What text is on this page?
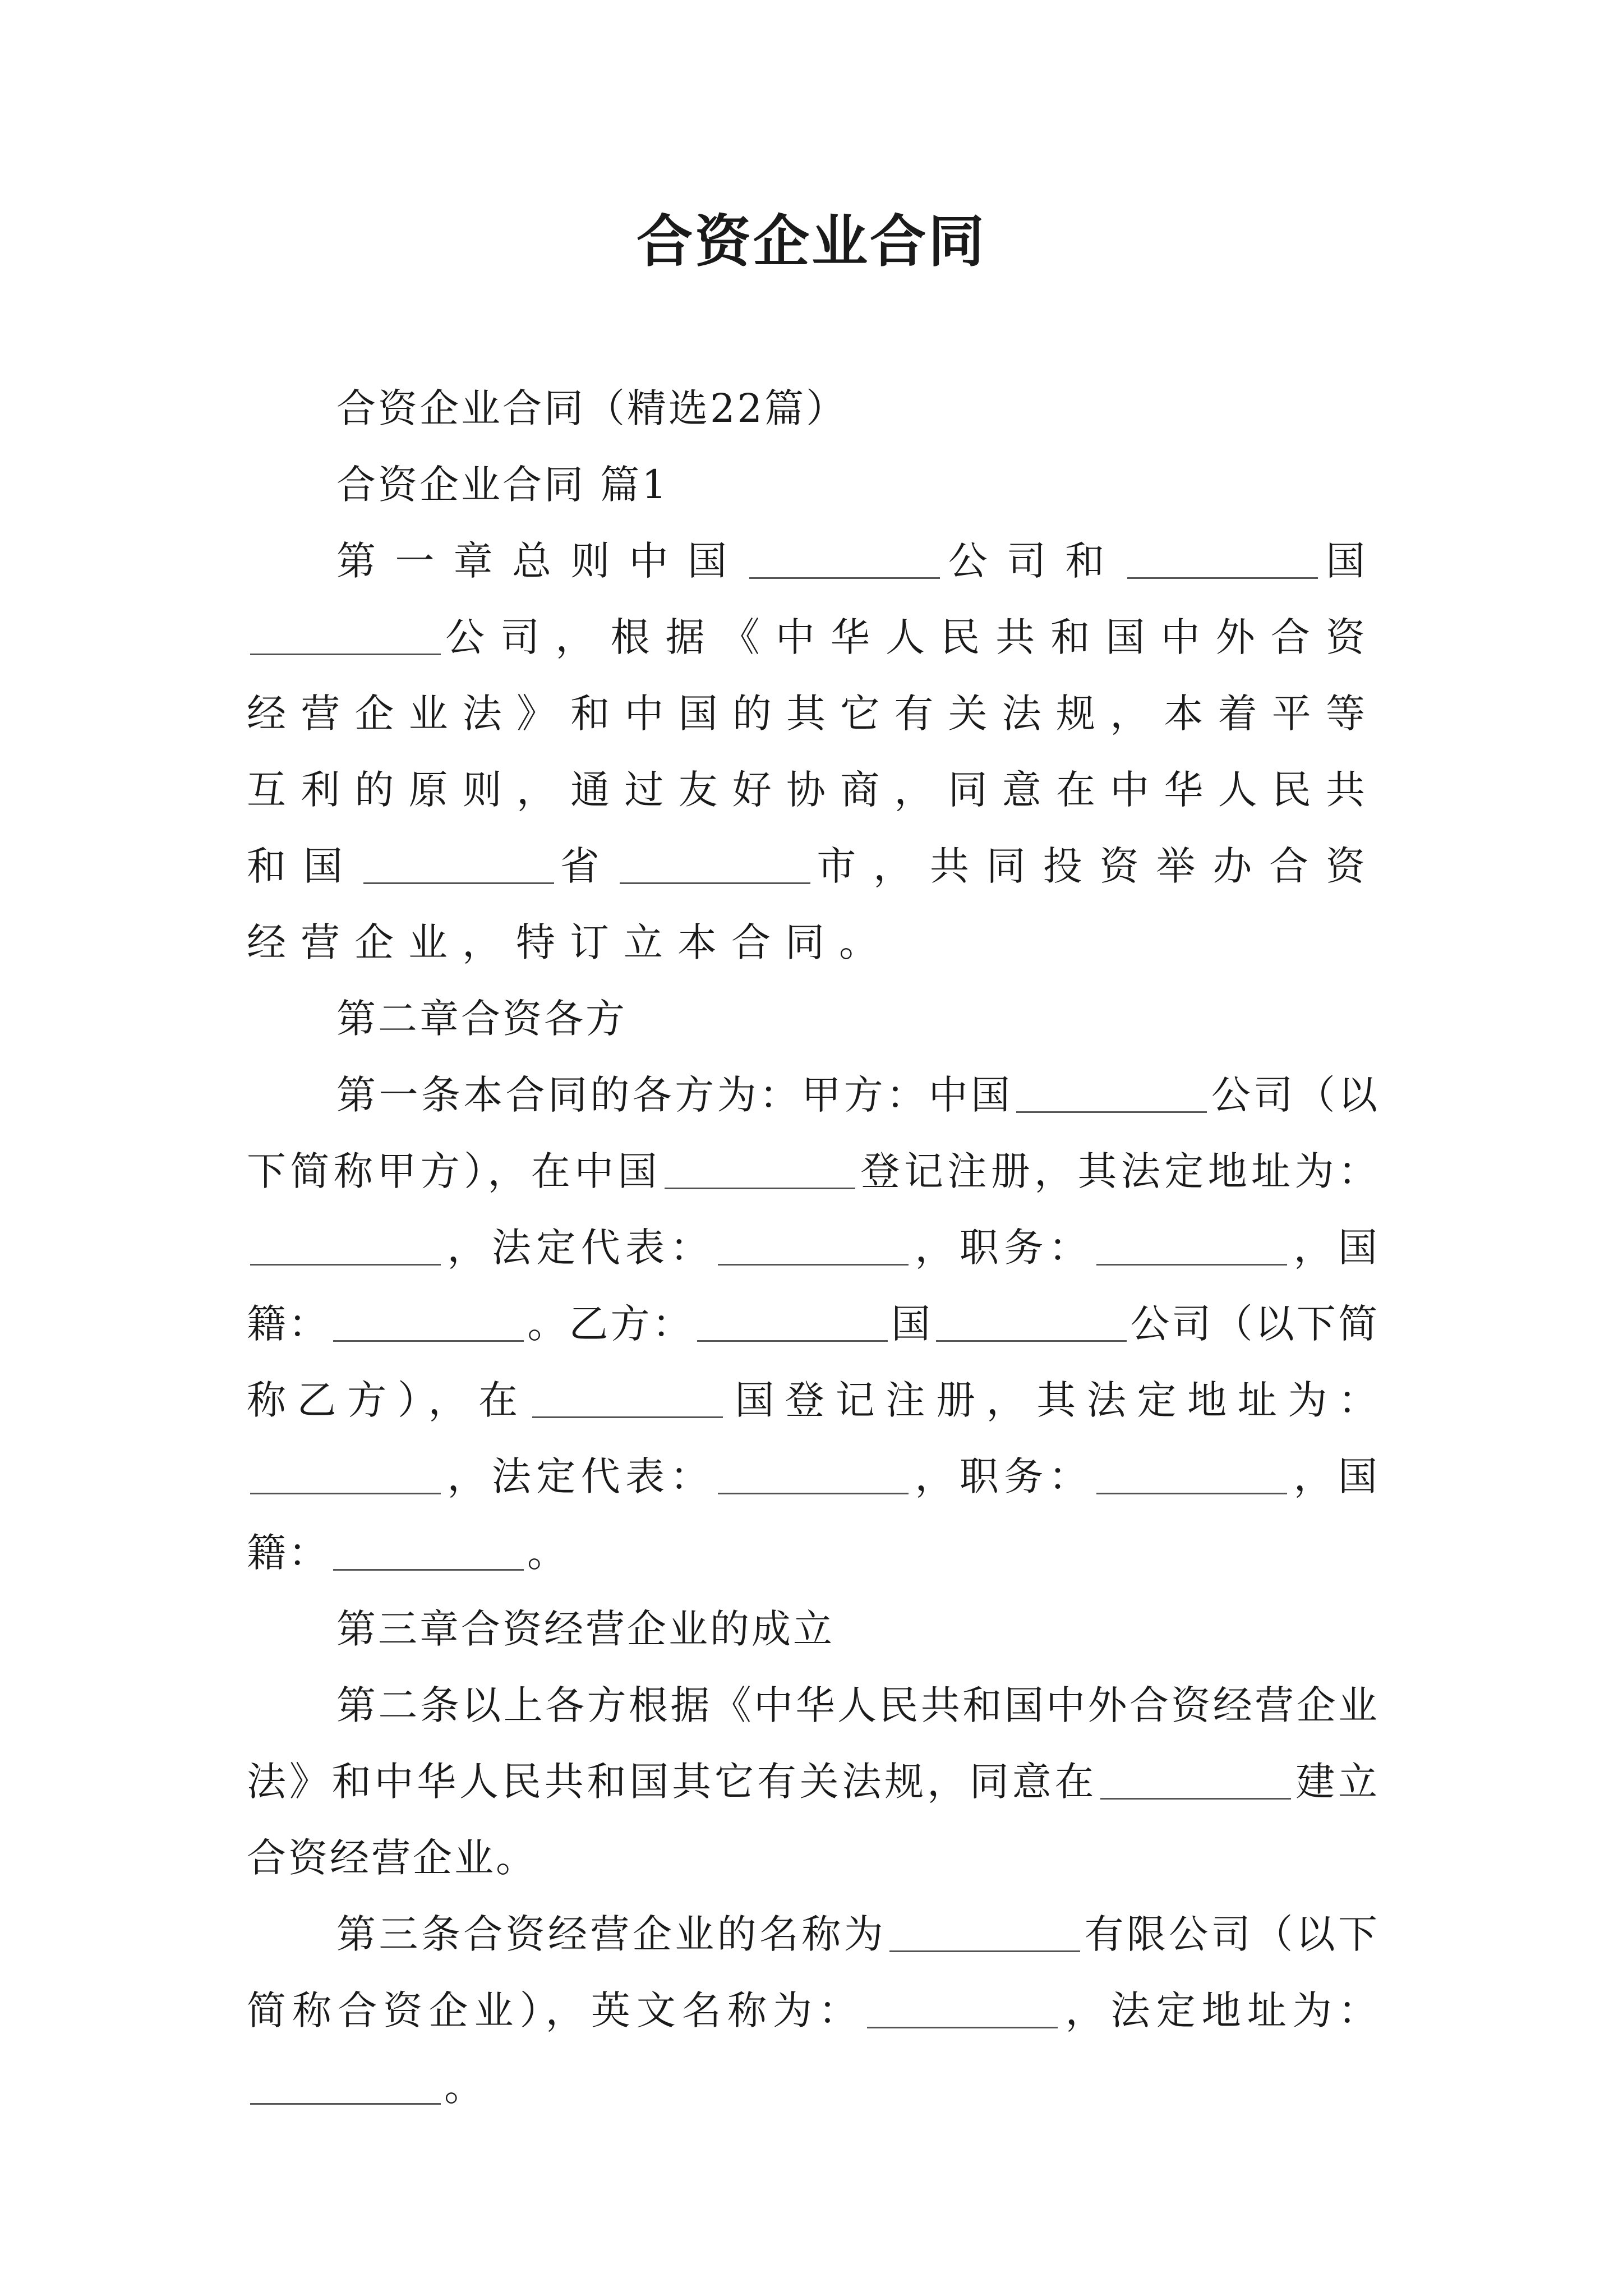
合资企业合同

合资企业合同（精选22篇）

合资企业合同 篇1

第一章总则中国	公司和	国公司，根据《中华人民共和国中外合资经营企业法》和中国的其它有关法规，本着平等互利的原则，通过友好协商，同意在中华人民共和国	省	市，共同投资举办合资经营企业，特订立本合同。

第二章合资各方

第一条本合同的各方为：甲方：中国	公司（以下简称甲方），在中国	登记注册，其法定地址为：，法定代表：	，职务：	，国籍：	。乙方：	国	公司（以下简称乙方），在	国登记注册，其法定地址为：，法定代表：	，职务：	，国籍：	。

第三章合资经营企业的成立

第二条以上各方根据《中华人民共和国中外合资经营企业法》和中华人民共和国其它有关法规，同意在	建立合资经营企业。

第三条合资经营企业的名称为	有限公司（以下简称合资企业），英文名称为：	，法定地址为：。
